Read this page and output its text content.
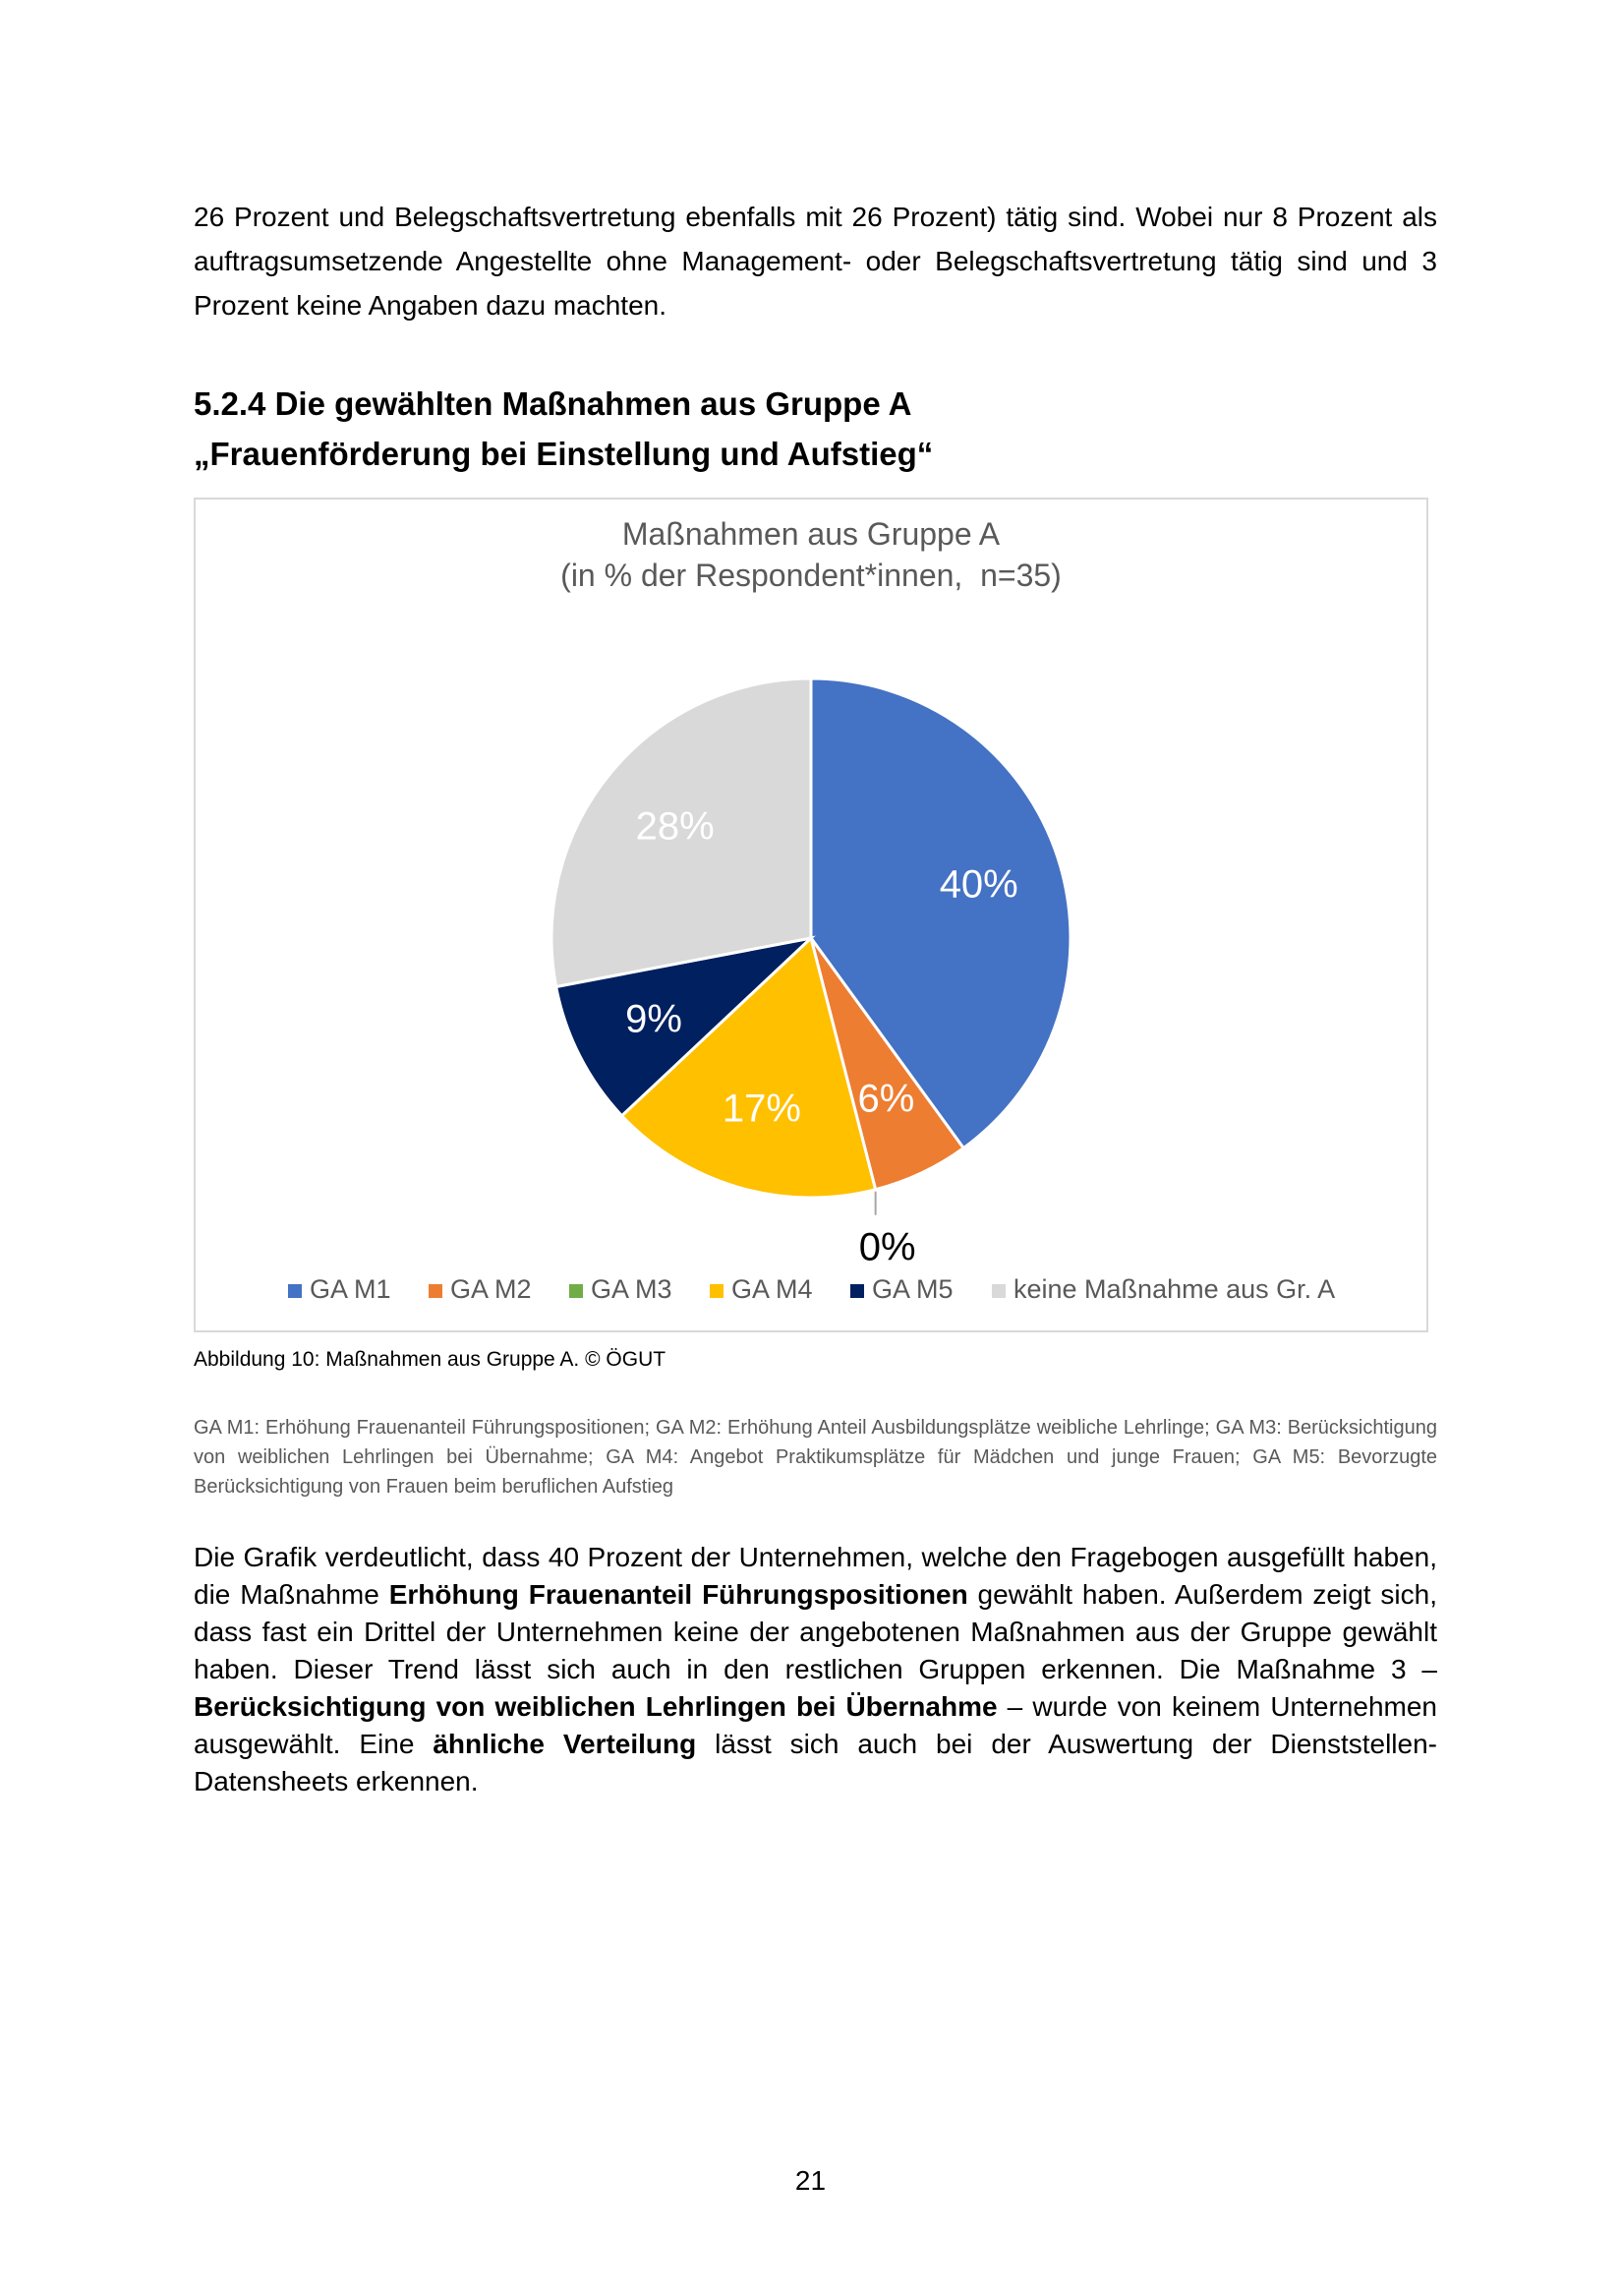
26 Prozent und Belegschaftsvertretung ebenfalls mit 26 Prozent) tätig sind. Wobei nur 8 Prozent als auftragsumsetzende Angestellte ohne Management- oder Belegschaftsvertretung tätig sind und 3 Prozent keine Angaben dazu machten.
5.2.4 Die gewählten Maßnahmen aus Gruppe A
„Frauenförderung bei Einstellung und Aufstieg“
Maßnahmen aus Gruppe A
(in % der Respondent*innen,  n=35)
40%
6%
0%
17%
9%
28%
GA M1 GA M2 GA M3 GA M4 GA M5 keine Maßnahme aus Gr. A
Abbildung 10: Maßnahmen aus Gruppe A. © ÖGUT
GA M1: Erhöhung Frauenanteil Führungspositionen; GA M2: Erhöhung Anteil Ausbildungsplätze weibliche Lehrlinge; GA M3: Berücksichtigung von weiblichen Lehrlingen bei Übernahme; GA M4: Angebot Praktikumsplätze für Mädchen und junge Frauen; GA M5: Bevorzugte Berücksichtigung von Frauen beim beruflichen Aufstieg
Die Grafik verdeutlicht, dass 40 Prozent der Unternehmen, welche den Fragebogen ausgefüllt haben, die Maßnahme Erhöhung Frauenanteil Führungspositionen gewählt haben. Außerdem zeigt sich, dass fast ein Drittel der Unternehmen keine der angebotenen Maßnahmen aus der Gruppe gewählt haben. Dieser Trend lässt sich auch in den restlichen Gruppen erkennen. Die Maßnahme 3 – Berücksichtigung von weiblichen Lehrlingen bei Übernahme – wurde von keinem Unternehmen ausgewählt. Eine ähnliche Verteilung lässt sich auch bei der Auswertung der Dienststellen-Datensheets erkennen.
21
